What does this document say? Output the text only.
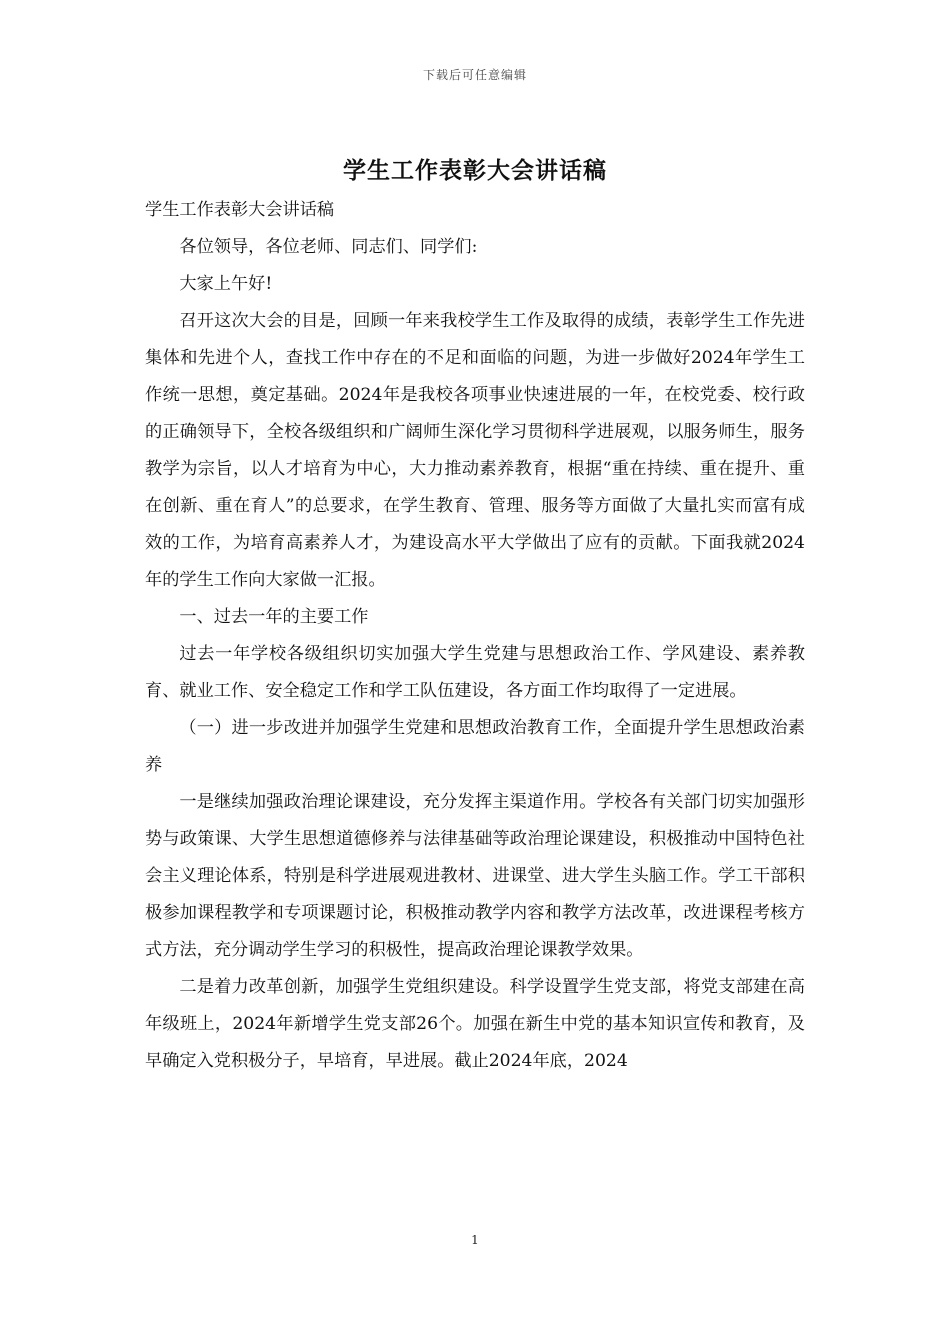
下载后可任意编辑
学生工作表彰大会讲话稿

学生工作表彰大会讲话稿

各位领导，各位老师、同志们、同学们:

大家上午好!

召开这次大会的目是，回顾一年来我校学生工作及取得的成绩，表彰学生工作先进集体和先进个人，查找工作中存在的不足和面临的问题，为进一步做好2024年学生工作统一思想，奠定基础。2024年是我校各项事业快速进展的一年，在校党委、校行政的正确领导下，全校各级组织和广阔师生深化学习贯彻科学进展观，以服务师生，服务教学为宗旨，以人才培育为中心，大力推动素养教育，根据“重在持续、重在提升、重在创新、重在育人”的总要求，在学生教育、管理、服务等方面做了大量扎实而富有成效的工作，为培育高素养人才，为建设高水平大学做出了应有的贡献。下面我就2024年的学生工作向大家做一汇报。

一、过去一年的主要工作

过去一年学校各级组织切实加强大学生党建与思想政治工作、学风建设、素养教育、就业工作、安全稳定工作和学工队伍建设，各方面工作均取得了一定进展。

（一）进一步改进并加强学生党建和思想政治教育工作，全面提升学生思想政治素养

一是继续加强政治理论课建设，充分发挥主渠道作用。学校各有关部门切实加强形势与政策课、大学生思想道德修养与法律基础等政治理论课建设，积极推动中国特色社会主义理论体系，特别是科学进展观进教材、进课堂、进大学生头脑工作。学工干部积极参加课程教学和专项课题讨论，积极推动教学内容和教学方法改革，改进课程考核方式方法，充分调动学生学习的积极性，提高政治理论课教学效果。

二是着力改革创新，加强学生党组织建设。科学设置学生党支部，将党支部建在高年级班上，2024年新增学生党支部26个。加强在新生中党的基本知识宣传和教育，及早确定入党积极分子，早培育，早进展。截止2024年底，2024

1
